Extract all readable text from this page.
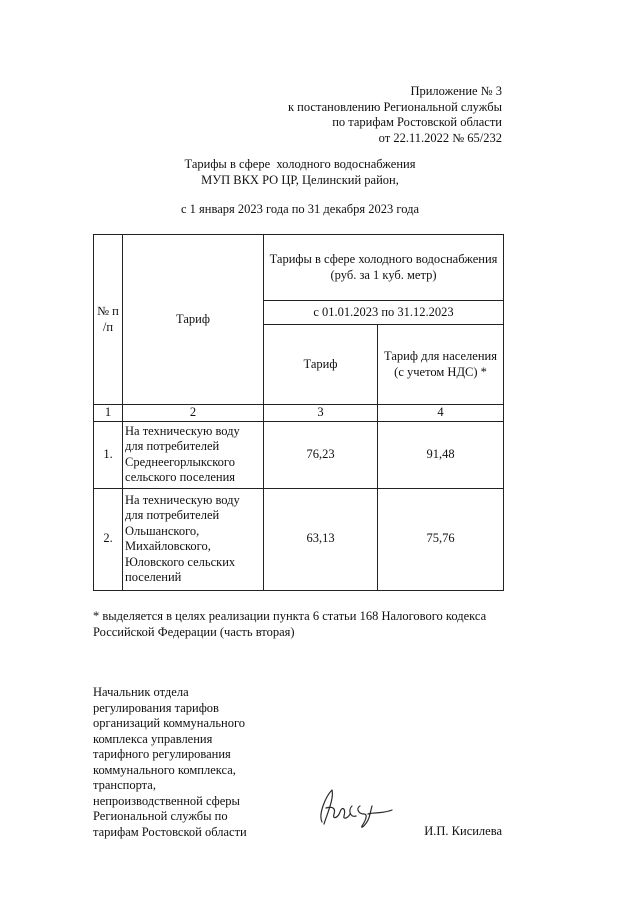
Приложение № 3
к постановлению Региональной службы
по тарифам Ростовской области
от 22.11.2022 № 65/232
Тарифы в сфере  холодного водоснабжения
МУП ВКХ РО ЦР, Целинский район,
с 1 января 2023 года по 31 декабря 2023 года
№ п /п	Тариф	Тарифы в сфере холодного водоснабжения (руб. за 1 куб. метр)	
		с 01.01.2023 по 31.12.2023	
		Тариф	Тариф для населения (с учетом НДС) *
1	2	3	4
1.	На техническую воду для потребителей Среднеегорлыкского сельского поселения	76,23	91,48
2.	На техническую воду для потребителей Ольшанского, Михайловского, Юловского сельских поселений	63,13	75,76
* выделяется в целях реализации пункта 6 статьи 168 Налогового кодекса Российской Федерации (часть вторая)
Начальник отдела
регулирования тарифов
организаций коммунального
комплекса управления
тарифного регулирования
коммунального комплекса,
транспорта,
непроизводственной сферы
Региональной службы по
тарифам Ростовской области	И.П. Кисилева
